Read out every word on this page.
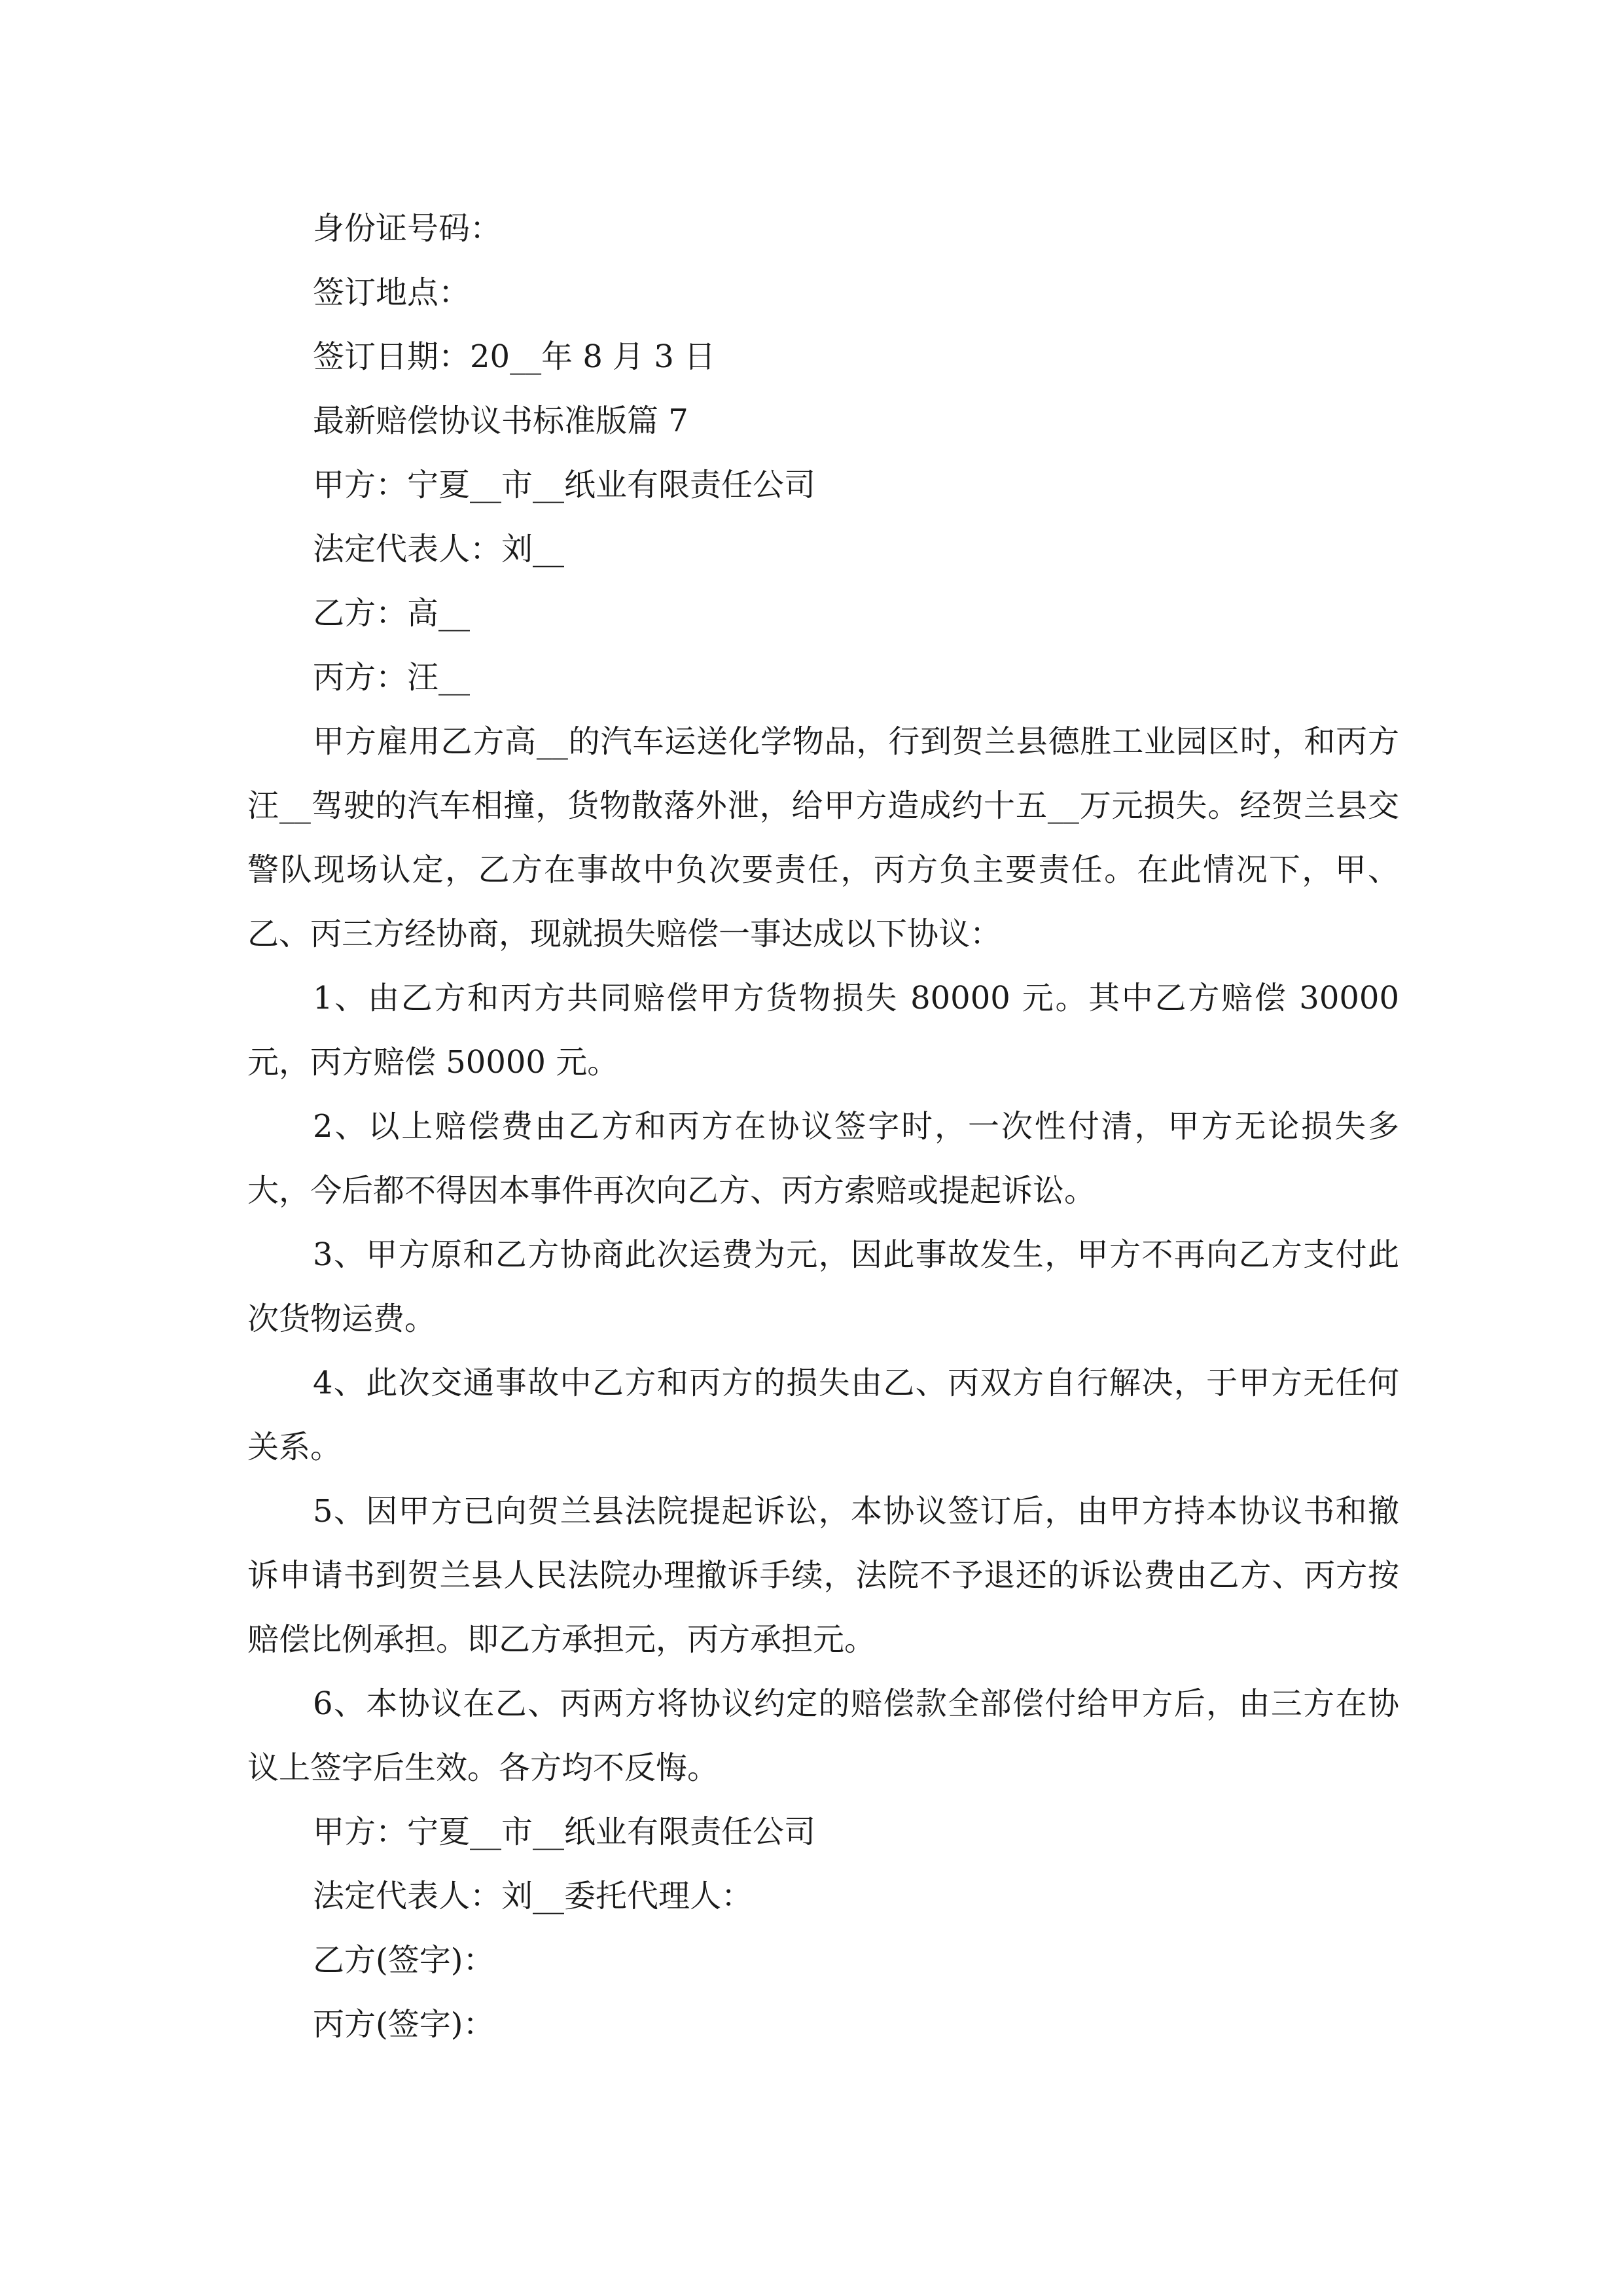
身份证号码：

签订地点：

签订日期：20__年 8 月 3 日

最新赔偿协议书标准版篇 7

甲方：宁夏__市__纸业有限责任公司

法定代表人：刘__

乙方：高__

丙方：汪__

甲方雇用乙方高__的汽车运送化学物品，行到贺兰县德胜工业园区时，和丙方汪__驾驶的汽车相撞，货物散落外泄，给甲方造成约十五__万元损失。经贺兰县交警队现场认定，乙方在事故中负次要责任，丙方负主要责任。在此情况下，甲、乙、丙三方经协商，现就损失赔偿一事达成以下协议：

1、由乙方和丙方共同赔偿甲方货物损失 80000 元。其中乙方赔偿 30000 元，丙方赔偿 50000 元。

2、以上赔偿费由乙方和丙方在协议签字时，一次性付清，甲方无论损失多大，今后都不得因本事件再次向乙方、丙方索赔或提起诉讼。

3、甲方原和乙方协商此次运费为元，因此事故发生，甲方不再向乙方支付此次货物运费。

4、此次交通事故中乙方和丙方的损失由乙、丙双方自行解决，于甲方无任何关系。

5、因甲方已向贺兰县法院提起诉讼，本协议签订后，由甲方持本协议书和撤诉申请书到贺兰县人民法院办理撤诉手续，法院不予退还的诉讼费由乙方、丙方按赔偿比例承担。即乙方承担元，丙方承担元。

6、本协议在乙、丙两方将协议约定的赔偿款全部偿付给甲方后，由三方在协议上签字后生效。各方均不反悔。

甲方：宁夏__市__纸业有限责任公司

法定代表人：刘__委托代理人：

乙方(签字)：

丙方(签字)：
